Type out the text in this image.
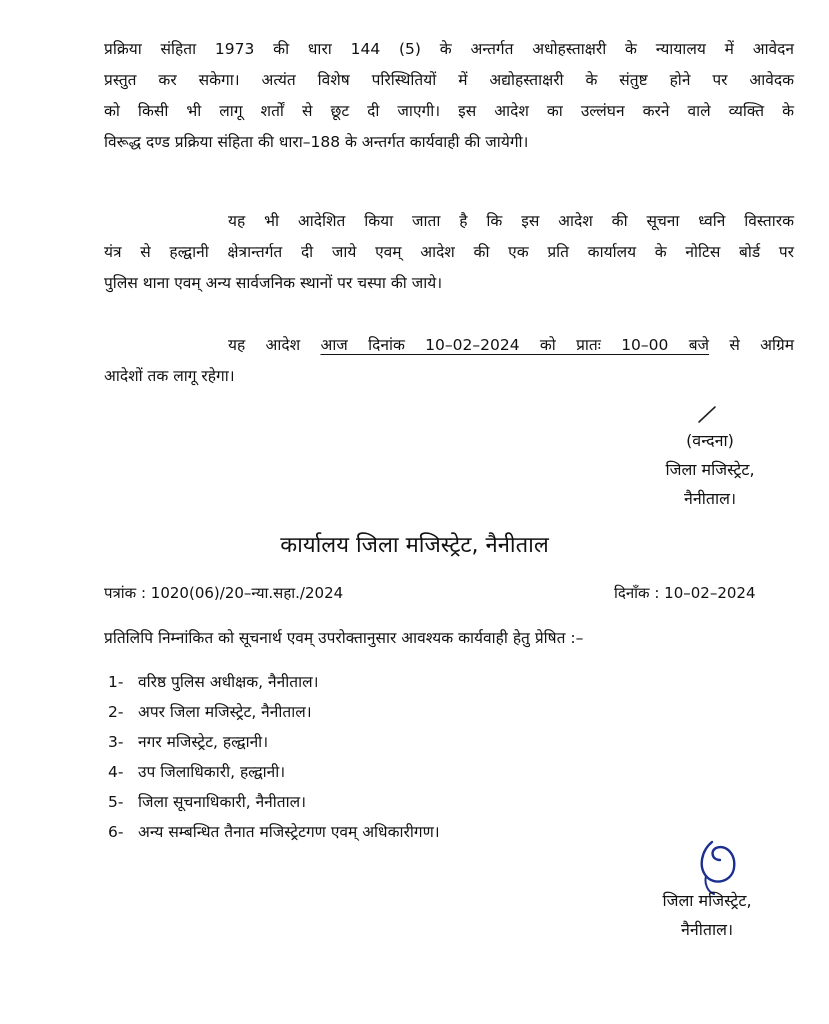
प्रक्रिया संहिता 1973 की धारा 144 (5) के अन्तर्गत अधोहस्ताक्षरी के न्यायालय में आवेदन
प्रस्तुत कर सकेगा। अत्यंत विशेष परिस्थितियों में अद्योहस्ताक्षरी के संतुष्ट होने पर आवेदक
को किसी भी लागू शर्तों से छूट दी जाएगी। इस आदेश का उल्लंघन करने वाले व्यक्ति के
विरूद्ध दण्ड प्रक्रिया संहिता की धारा–188 के अन्तर्गत कार्यवाही की जायेगी।
यह भी आदेशित किया जाता है कि इस आदेश की सूचना ध्वनि विस्तारक
यंत्र से हल्द्वानी क्षेत्रान्तर्गत दी जाये एवम् आदेश की एक प्रति कार्यालय के नोटिस बोर्ड पर
पुलिस थाना एवम् अन्य सार्वजनिक स्थानों पर चस्पा की जाये।
यह आदेश आज दिनांक 10–02–2024 को प्रातः 10–00 बजे से अग्रिम
आदेशों तक लागू रहेगा।
(वन्दना)
जिला मजिस्ट्रेट,
नैनीताल।
कार्यालय जिला मजिस्ट्रेट, नैनीताल
पत्रांक : 1020(06)/20–न्या.सहा./2024	दिनाँक : 10–02–2024
प्रतिलिपि निम्नांकित को सूचनार्थ एवम् उपरोक्तानुसार आवश्यक कार्यवाही हेतु प्रेषित :–
1- वरिष्ठ पुलिस अधीक्षक, नैनीताल।
2- अपर जिला मजिस्ट्रेट, नैनीताल।
3- नगर मजिस्ट्रेट, हल्द्वानी।
4- उप जिलाधिकारी, हल्द्वानी।
5- जिला सूचनाधिकारी, नैनीताल।
6- अन्य सम्बन्धित तैनात मजिस्ट्रेटगण एवम् अधिकारीगण।
जिला मजिस्ट्रेट,
नैनीताल।
